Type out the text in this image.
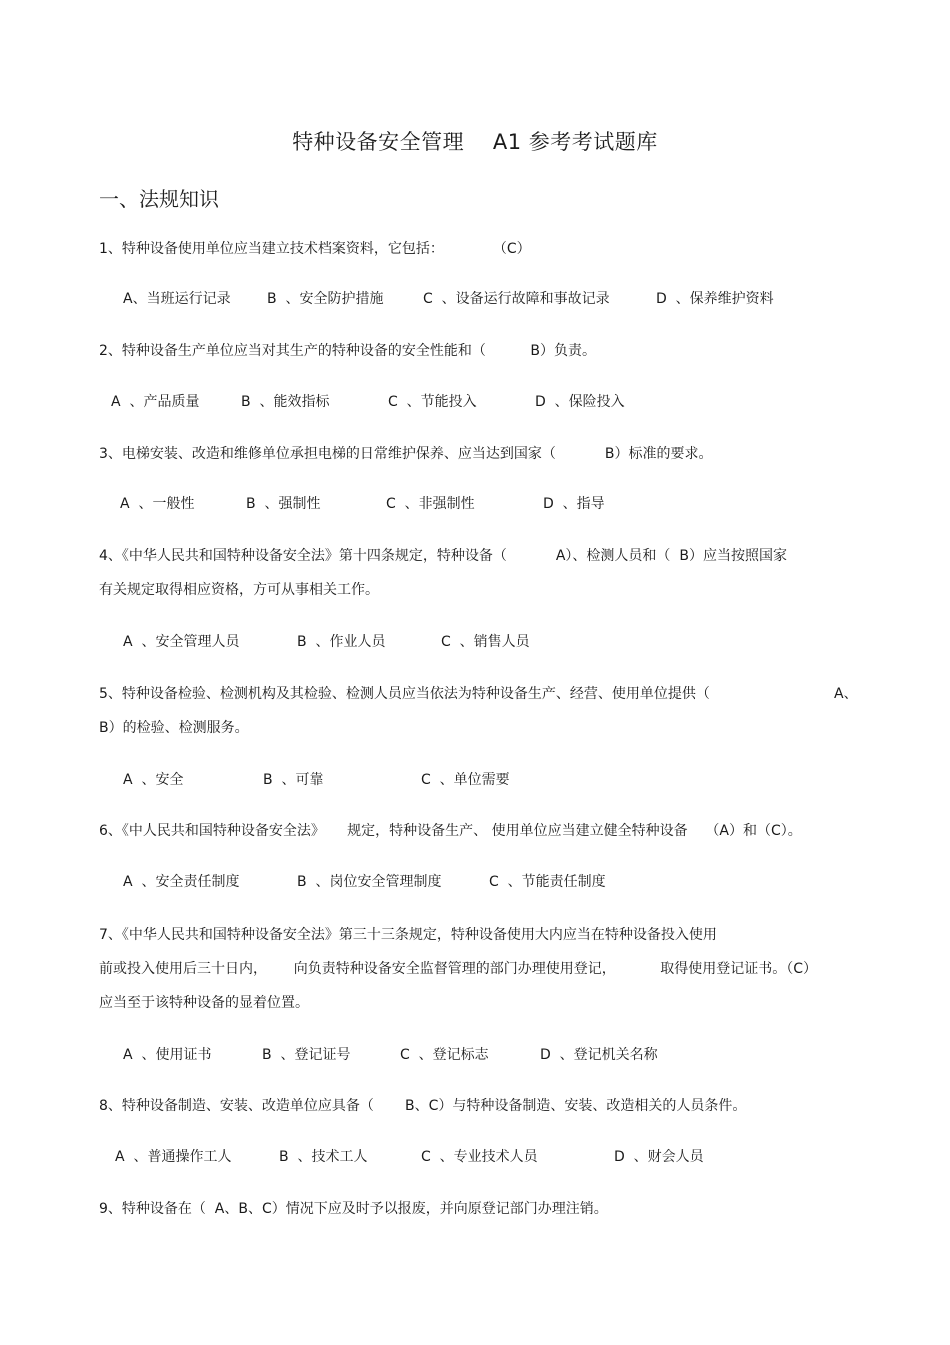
特种设备安全管理    A1 参考考试题库
一、法规知识
1、特种设备使用单位应当建立技术档案资料，它包括：           （C）
A、当班运行记录	B  、安全防护措施	C  、设备运行故障和事故记录	D  、保养维护资料
2、特种设备生产单位应当对其生产的特种设备的安全性能和（          B）负责。
A  、产品质量	B  、能效指标	C  、节能投入	D  、保险投入
3、电梯安装、改造和维修单位承担电梯的日常维护保养、应当达到国家（           B）标准的要求。
A  、一般性	B  、强制性	C  、非强制性	D  、指导
4、《中华人民共和国特种设备安全法》第十四条规定，特种设备（           A）、检测人员和（  B）应当按照国家
有关规定取得相应资格，方可从事相关工作。
A  、安全管理人员	B  、作业人员	C  、销售人员
5、特种设备检验、检测机构及其检验、检测人员应当依法为特种设备生产、经营、使用单位提供（	A、
B）的检验、检测服务。
A  、安全	B  、可靠	C  、单位需要
6、《中人民共和国特种设备安全法》     规定，特种设备生产、 使用单位应当建立健全特种设备    （A）和（C）。
A  、安全责任制度	B  、岗位安全管理制度	C  、节能责任制度
7、《中华人民共和国特种设备安全法》第三十三条规定，特种设备使用大内应当在特种设备投入使用
前或投入使用后三十日内，      向负责特种设备安全监督管理的部门办理使用登记，          取得使用登记证书。（C）
应当至于该特种设备的显着位置。
A  、使用证书	B  、登记证号	C  、登记标志	D  、登记机关名称
8、特种设备制造、安装、改造单位应具备（       B、C）与特种设备制造、安装、改造相关的人员条件。
A  、普通操作工人	B  、技术工人	C  、专业技术人员	D  、财会人员
9、特种设备在（  A、B、C）情况下应及时予以报废，并向原登记部门办理注销。
